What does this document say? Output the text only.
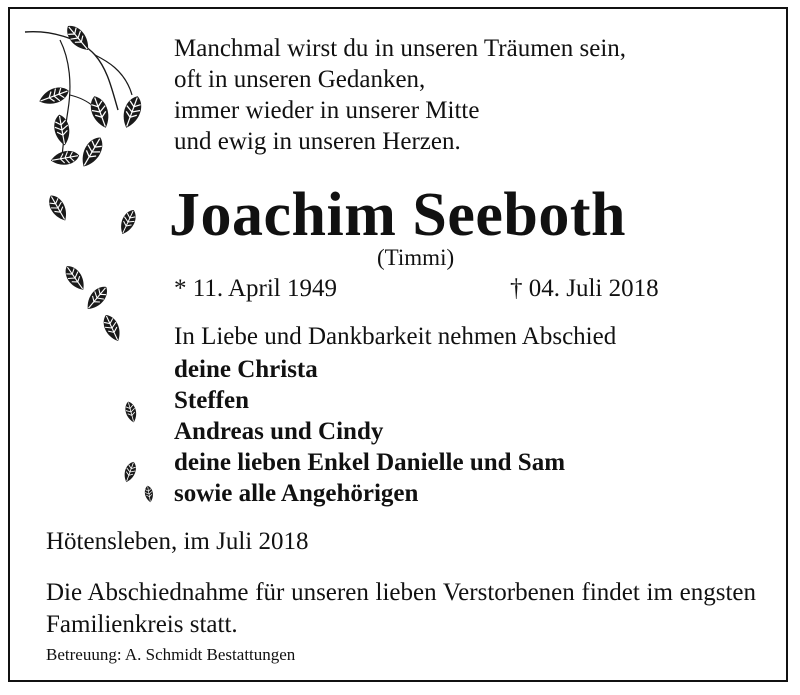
Manchmal wirst du in unseren Träumen sein,
oft in unseren Gedanken,
immer wieder in unserer Mitte
und ewig in unseren Herzen.
Joachim Seeboth
(Timmi)
* 11. April 1949	† 04. Juli 2018
In Liebe und Dankbarkeit nehmen Abschied
deine Christa
Steffen
Andreas und Cindy
deine lieben Enkel Danielle und Sam
sowie alle Angehörigen
Hötensleben, im Juli 2018
Die Abschiednahme für unseren lieben Verstorbenen findet im engsten Familienkreis statt.
Betreuung: A. Schmidt Bestattungen
